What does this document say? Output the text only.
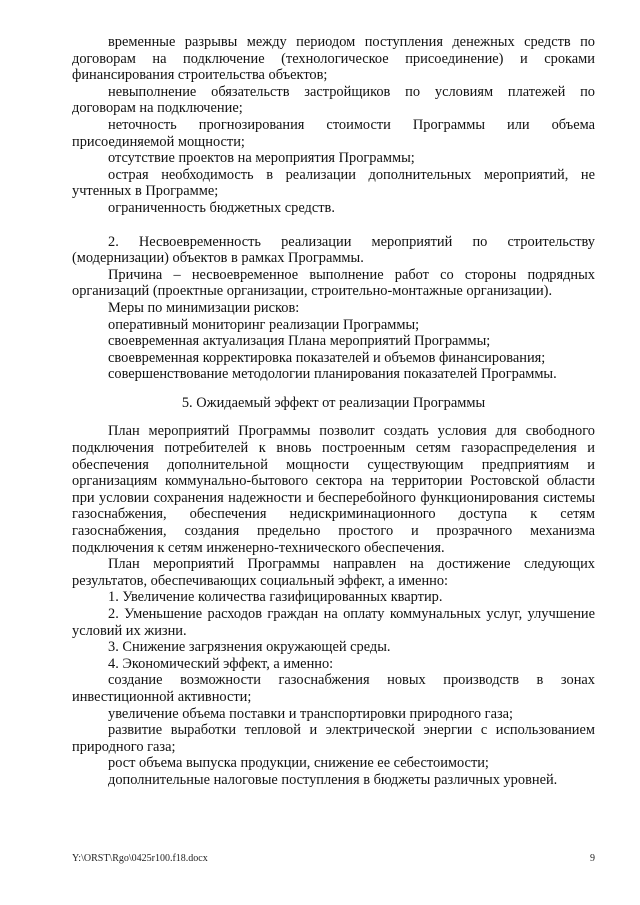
временные разрывы между периодом поступления денежных средств по договорам на подключение (технологическое присоединение) и сроками финансирования строительства объектов;

невыполнение обязательств застройщиков по условиям платежей по договорам на подключение;

неточность прогнозирования стоимости Программы или объема присоединяемой мощности;

отсутствие проектов на мероприятия Программы;

острая необходимость в реализации дополнительных мероприятий, не учтенных в Программе;

ограниченность бюджетных средств.

2. Несвоевременность реализации мероприятий по строительству (модернизации) объектов в рамках Программы.

Причина – несвоевременное выполнение работ со стороны подрядных организаций (проектные организации, строительно-монтажные организации).

Меры по минимизации рисков:

оперативный мониторинг реализации Программы;

своевременная актуализация Плана мероприятий Программы;

своевременная корректировка показателей и объемов финансирования;

совершенствование методологии планирования показателей Программы.

5. Ожидаемый эффект от реализации Программы

План мероприятий Программы позволит создать условия для свободного подключения потребителей к вновь построенным сетям газораспределения и обеспечения дополнительной мощности существующим предприятиям и организациям коммунально-бытового сектора на территории Ростовской области при условии сохранения надежности и бесперебойного функционирования системы газоснабжения, обеспечения недискриминационного доступа к сетям газоснабжения, создания предельно простого и прозрачного механизма подключения к сетям инженерно-технического обеспечения.

План мероприятий Программы направлен на достижение следующих результатов, обеспечивающих социальный эффект, а именно:

1. Увеличение количества газифицированных квартир.

2. Уменьшение расходов граждан на оплату коммунальных услуг, улучшение условий их жизни.

3. Снижение загрязнения окружающей среды.

4. Экономический эффект, а именно:

создание возможности газоснабжения новых производств в зонах инвестиционной активности;

увеличение объема поставки и транспортировки природного газа;

развитие выработки тепловой и электрической энергии с использованием природного газа;

рост объема выпуска продукции, снижение ее себестоимости;

дополнительные налоговые поступления в бюджеты различных уровней.

Y:\ORST\Rgo\0425r100.f18.docx	9
